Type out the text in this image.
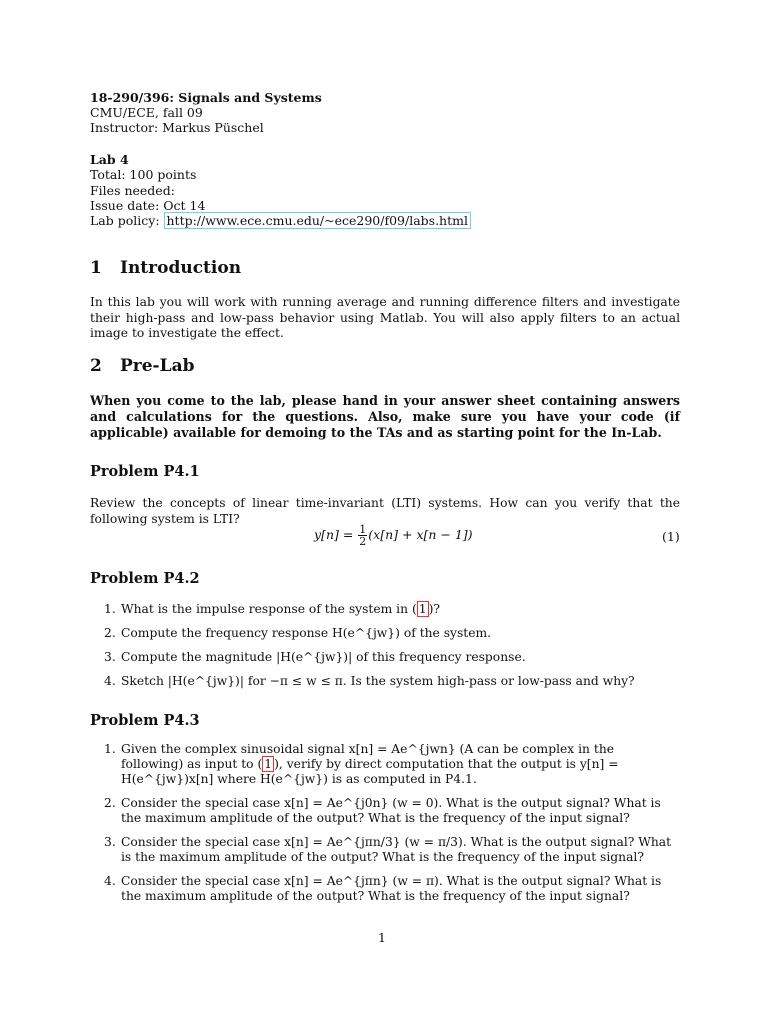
18-290/396: Signals and Systems
CMU/ECE, fall 09
Instructor: Markus Püschel
Lab 4
Total: 100 points
Files needed:
Issue date: Oct 14
Lab policy: http://www.ece.cmu.edu/~ece290/f09/labs.html
1 Introduction
In this lab you will work with running average and running difference filters and investigate their high-pass and low-pass behavior using Matlab. You will also apply filters to an actual image to investigate the effect.
2 Pre-Lab
When you come to the lab, please hand in your answer sheet containing answers and calculations for the questions. Also, make sure you have your code (if applicable) available for demoing to the TAs and as starting point for the In-Lab.
Problem P4.1
Review the concepts of linear time-invariant (LTI) systems. How can you verify that the following system is LTI?
$y[n] = \frac{1}{2} (x[n] + x[n - 1])$	(1)
Problem P4.2
1. What is the impulse response of the system in ( 1 )?
2. Compute the frequency response H(e^{jw}) of the system.
3. Compute the magnitude |H(e^{jw})| of this frequency response.
4. Sketch |H(e^{jw})| for −π ≤ w ≤ π. Is the system high-pass or low-pass and why?
Problem P4.3
1. Given the complex sinusoidal signal x[n] = Ae^{jwn} (A can be complex in the following) as input to ( 1 ), verify by direct computation that the output is y[n] = H(e^{jw})x[n] where H(e^{jw}) is as computed in P4.1.
2. Consider the special case x[n] = Ae^{j0n} (w = 0). What is the output signal? What is the maximum amplitude of the output? What is the frequency of the input signal?
3. Consider the special case x[n] = Ae^{jπn/3} (w = π/3). What is the output signal? What is the maximum amplitude of the output? What is the frequency of the input signal?
4. Consider the special case x[n] = Ae^{jπn} (w = π). What is the output signal? What is the maximum amplitude of the output? What is the frequency of the input signal?
1
